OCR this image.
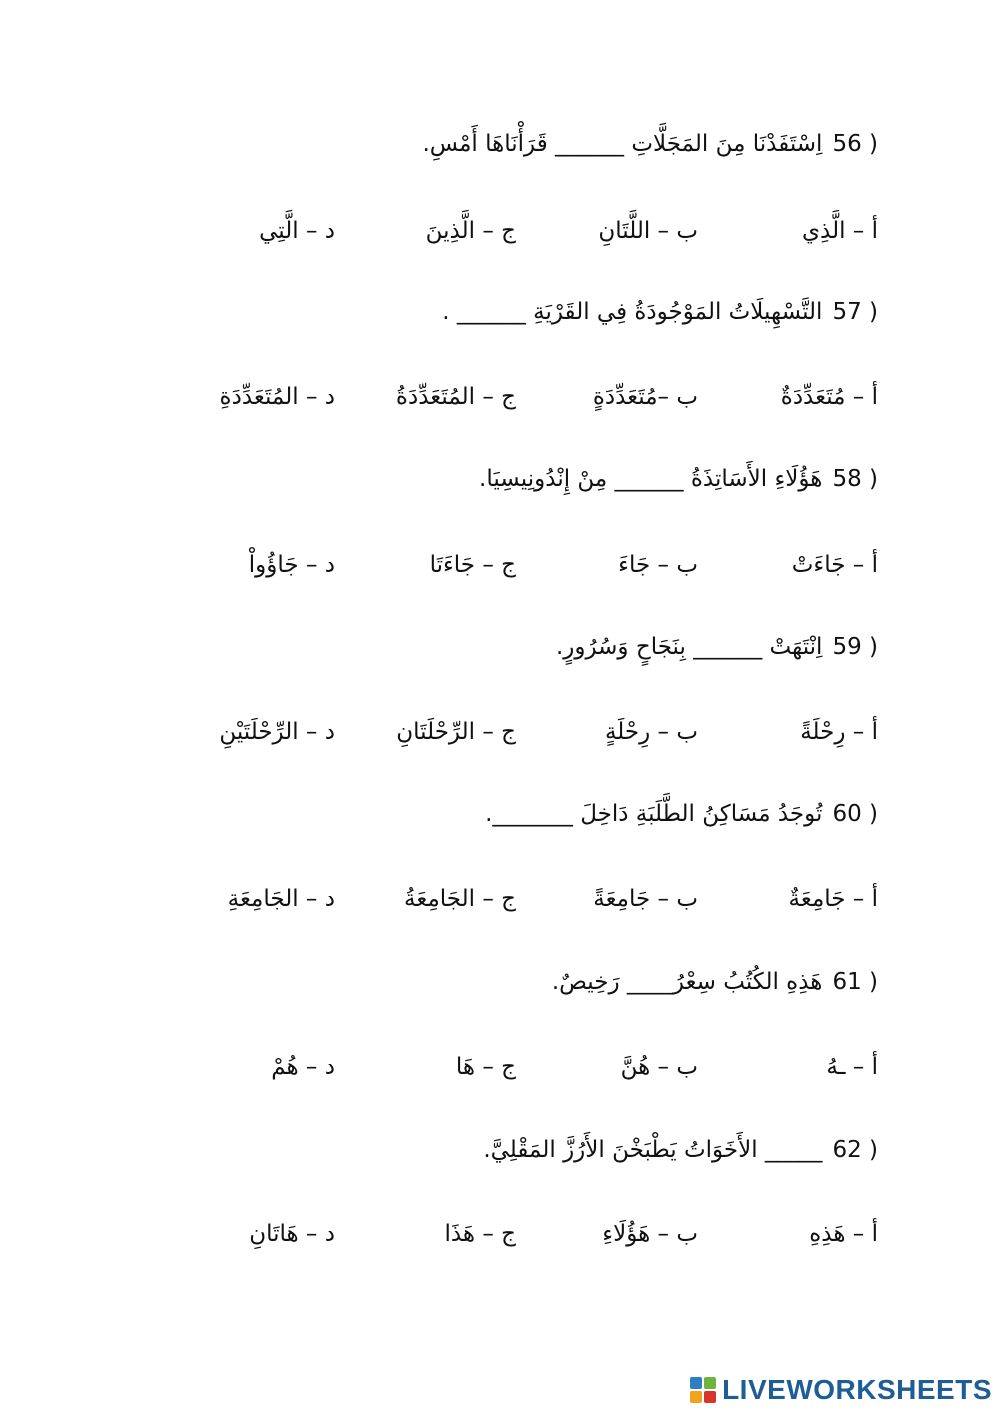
56 )اِسْتَفَدْنَا مِنَ المَجَلَّاتِ ______ قَرَأْنَاهَا أَمْسِ.
أ – الَّذِي
ب – اللَّتَانِ
ج – الَّذِينَ
د – الَّتِي
57 )التَّسْهِيلَاتُ المَوْجُودَةُ فِي القَرْيَةِ ______ .
أ – مُتَعَدِّدَةٌ
ب –مُتَعَدِّدَةٍ
ج – المُتَعَدِّدَةُ
د – المُتَعَدِّدَةِ
58 )هَؤُلَاءِ الأَسَاتِذَةُ ______ مِنْ إِنْدُونِيسِيَا.
أ – جَاءَتْ
ب – جَاءَ
ج – جَاءَتَا
د – جَاؤُواْ
59 )اِنْتَهَتْ ______ بِنَجَاحٍ وَسُرُورٍ.
أ – رِحْلَةً
ب – رِحْلَةٍ
ج – الرِّحْلَتَانِ
د – الرِّحْلَتَيْنِ
60 )تُوجَدُ مَسَاكِنُ الطَّلَبَةِ دَاخِلَ _______.
أ – جَامِعَةٌ
ب – جَامِعَةً
ج – الجَامِعَةُ
د – الجَامِعَةِ
61 )هَذِهِ الكُتُبُ سِعْرُ____ رَخِيصٌ.
أ – ـهُ
ب – هُنَّ
ج – هَا
د – هُمْ
62 )_____ الأَخَوَاتُ يَطْبَخْنَ الأَرُزَّ المَقْلِيَّ.
أ – هَذِهِ
ب – هَؤُلَاءِ
ج – هَذَا
د – هَاتَانِ
LIVEWORKSHEETS
